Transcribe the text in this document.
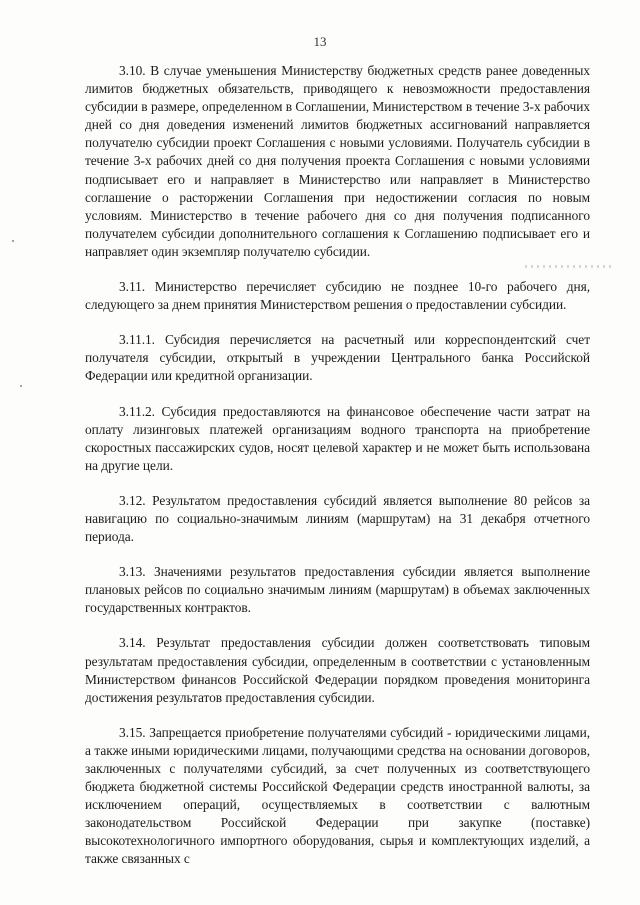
13

3.10. В случае уменьшения Министерству бюджетных средств ранее доведенных лимитов бюджетных обязательств, приводящего к невозможности предоставления субсидии в размере, определенном в Соглашении, Министерством в течение 3-х рабочих дней со дня доведения изменений лимитов бюджетных ассигнований направляется получателю субсидии проект Соглашения с новыми условиями. Получатель субсидии в течение 3-х рабочих дней со дня получения проекта Соглашения с новыми условиями подписывает его и направляет в Министерство или направляет в Министерство соглашение о расторжении Соглашения при недостижении согласия по новым условиям. Министерство в течение рабочего дня со дня получения подписанного получателем субсидии дополнительного соглашения к Соглашению подписывает его и направляет один экземпляр получателю субсидии.

3.11. Министерство перечисляет субсидию не позднее 10-го рабочего дня, следующего за днем принятия Министерством решения о предоставлении субсидии.

3.11.1. Субсидия перечисляется на расчетный или корреспондентский счет получателя субсидии, открытый в учреждении Центрального банка Российской Федерации или кредитной организации.

3.11.2. Субсидия предоставляются на финансовое обеспечение части затрат на оплату лизинговых платежей организациям водного транспорта на приобретение скоростных пассажирских судов, носят целевой характер и не может быть использована на другие цели.

3.12. Результатом предоставления субсидий является выполнение 80 рейсов за навигацию по социально-значимым линиям (маршрутам) на 31 декабря отчетного периода.

3.13. Значениями результатов предоставления субсидии является выполнение плановых рейсов по социально значимым линиям (маршрутам) в объемах заключенных государственных контрактов.

3.14. Результат предоставления субсидии должен соответствовать типовым результатам предоставления субсидии, определенным в соответствии с установленным Министерством финансов Российской Федерации порядком проведения мониторинга достижения результатов предоставления субсидии.

3.15. Запрещается приобретение получателями субсидий - юридическими лицами, а также иными юридическими лицами, получающими средства на основании договоров, заключенных с получателями субсидий, за счет полученных из соответствующего бюджета бюджетной системы Российской Федерации средств иностранной валюты, за исключением операций, осуществляемых в соответствии с валютным законодательством Российской Федерации при закупке (поставке) высокотехнологичного импортного оборудования, сырья и комплектующих изделий, а также связанных с
